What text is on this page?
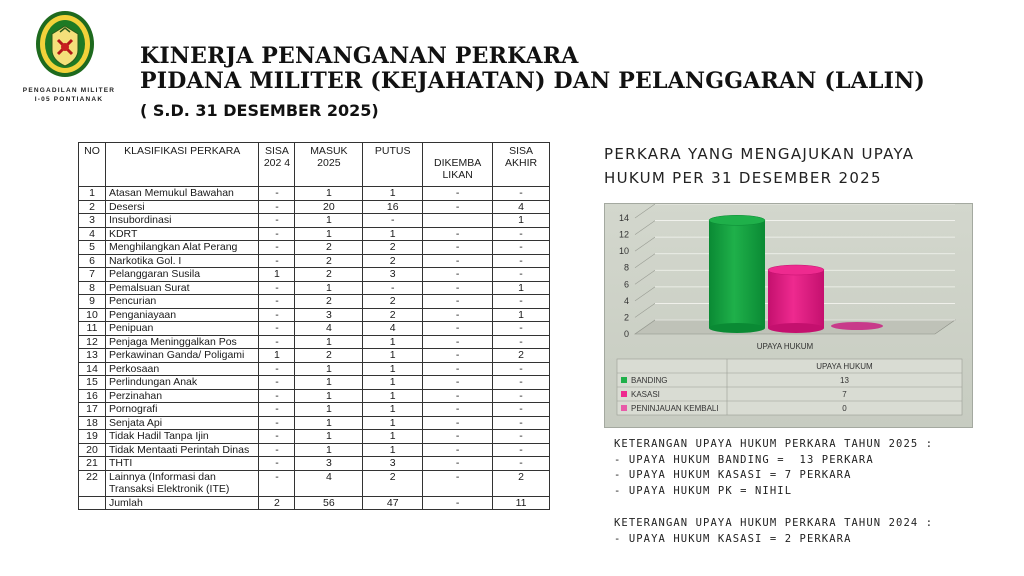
PENGADILAN MILITER
I-05 PONTIANAK
KINERJA PENANGANAN PERKARA
PIDANA MILITER (KEJAHATAN) DAN PELANGGARAN (LALIN)
( S.D. 31 DESEMBER 2025)
NO	KLASIFIKASI PERKARA	SISA 202 4	MASUK 2025	PUTUS	DIKEMBA LIKAN	SISA AKHIR
1	Atasan Memukul Bawahan	-	1	1	-	-
2	Desersi	-	20	16	-	4
3	Insubordinasi	-	1	-		1
4	KDRT	-	1	1	-	-
5	Menghilangkan Alat Perang	-	2	2	-	-
6	Narkotika Gol. I	-	2	2	-	-
7	Pelanggaran Susila	1	2	3	-	-
8	Pemalsuan Surat	-	1	-	-	1
9	Pencurian	-	2	2	-	-
10	Penganiayaan	-	3	2	-	1
11	Penipuan	-	4	4	-	-
12	Penjaga Meninggalkan Pos	-	1	1	-	-
13	Perkawinan Ganda/ Poligami	1	2	1	-	2
14	Perkosaan	-	1	1	-	-
15	Perlindungan Anak	-	1	1	-	-
16	Perzinahan	-	1	1	-	-
17	Pornografi	-	1	1	-	-
18	Senjata Api	-	1	1	-	-
19	Tidak Hadil Tanpa Ijin	-	1	1	-	-
20	Tidak Mentaati Perintah Dinas	-	1	1	-	-
21	THTI	-	3	3	-	-
22	Lainnya (Informasi dan Transaksi Elektronik (ITE)	-	4	2	-	2
	Jumlah	2	56	47	-	11
PERKARA YANG MENGAJUKAN UPAYA
HUKUM PER 31 DESEMBER 2025
0
2
4
6
8
10
12
14
UPAYA HUKUM
UPAYA HUKUM
BANDING	13
KASASI	7
PENINJAUAN KEMBALI	0
KETERANGAN UPAYA HUKUM PERKARA TAHUN 2025 :
- UPAYA HUKUM BANDING =  13 PERKARA
- UPAYA HUKUM KASASI = 7 PERKARA
- UPAYA HUKUM PK = NIHIL
KETERANGAN UPAYA HUKUM PERKARA TAHUN 2024 :
- UPAYA HUKUM KASASI = 2 PERKARA
